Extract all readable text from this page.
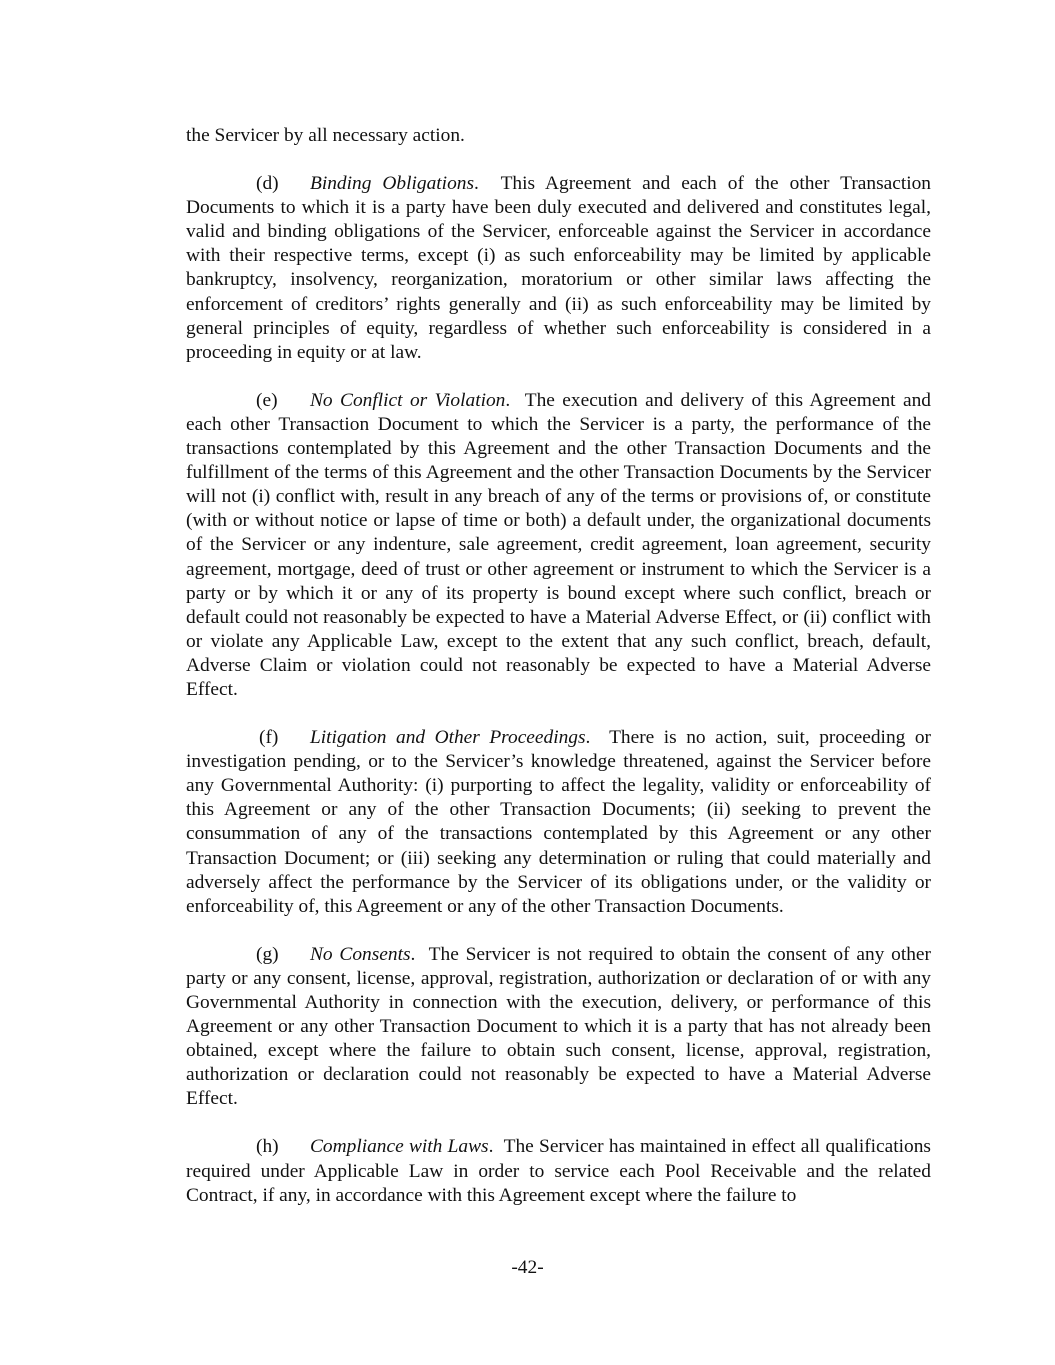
the Servicer by all necessary action.

(d) Binding Obligations.  This Agreement and each of the other Transaction Documents to which it is a party have been duly executed and delivered and constitutes legal, valid and binding obligations of the Servicer, enforceable against the Servicer in accordance with their respective terms, except (i) as such enforceability may be limited by applicable bankruptcy, insolvency, reorganization, moratorium or other similar laws affecting the enforcement of creditors’ rights generally and (ii) as such enforceability may be limited by general principles of equity, regardless of whether such enforceability is considered in a proceeding in equity or at law.

(e) No Conflict or Violation.  The execution and delivery of this Agreement and each other Transaction Document to which the Servicer is a party, the performance of the transactions contemplated by this Agreement and the other Transaction Documents and the fulfillment of the terms of this Agreement and the other Transaction Documents by the Servicer will not (i) conflict with, result in any breach of any of the terms or provisions of, or constitute (with or without notice or lapse of time or both) a default under, the organizational documents of the Servicer or any indenture, sale agreement, credit agreement, loan agreement, security agreement, mortgage, deed of trust or other agreement or instrument to which the Servicer is a party or by which it or any of its property is bound except where such conflict, breach or default could not reasonably be expected to have a Material Adverse Effect, or (ii) conflict with or violate any Applicable Law, except to the extent that any such conflict, breach, default, Adverse Claim or violation could not reasonably be expected to have a Material Adverse Effect.

(f) Litigation and Other Proceedings.  There is no action, suit, proceeding or investigation pending, or to the Servicer’s knowledge threatened, against the Servicer before any Governmental Authority: (i) purporting to affect the legality, validity or enforceability of this Agreement or any of the other Transaction Documents; (ii) seeking to prevent the consummation of any of the transactions contemplated by this Agreement or any other Transaction Document; or (iii) seeking any determination or ruling that could materially and adversely affect the performance by the Servicer of its obligations under, or the validity or enforceability of, this Agreement or any of the other Transaction Documents.

(g) No Consents.  The Servicer is not required to obtain the consent of any other party or any consent, license, approval, registration, authorization or declaration of or with any Governmental Authority in connection with the execution, delivery, or performance of this Agreement or any other Transaction Document to which it is a party that has not already been obtained, except where the failure to obtain such consent, license, approval, registration, authorization or declaration could not reasonably be expected to have a Material Adverse Effect.

(h) Compliance with Laws.  The Servicer has maintained in effect all qualifications required under Applicable Law in order to service each Pool Receivable and the related Contract, if any, in accordance with this Agreement except where the failure to

-42-
